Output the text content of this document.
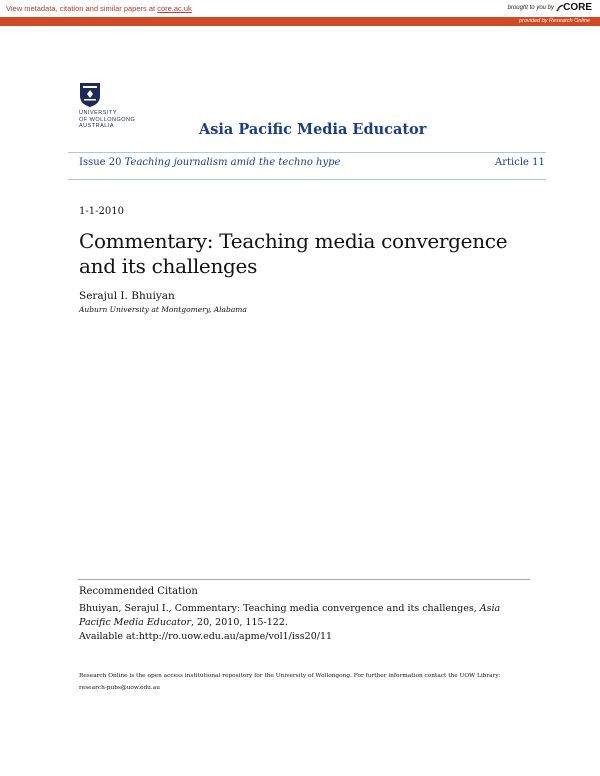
View metadata, citation and similar papers at core.ac.uk	brought to you by CORE
provided by Research Online
UNIVERSITY
OF WOLLONGONG
AUSTRALIA	Asia Pacific Media Educator
Issue 20 Teaching journalism amid the techno hype	Article 11
1-1-2010
Commentary: Teaching media convergence and its challenges
Serajul I. Bhuiyan
Auburn University at Montgomery, Alabama
Recommended Citation
Bhuiyan, Serajul I., Commentary: Teaching media convergence and its challenges, Asia Pacific Media Educator, 20, 2010, 115-122.
Available at:http://ro.uow.edu.au/apme/vol1/iss20/11
Research Online is the open access institutional repository for the University of Wollongong. For further information contact the UOW Library: research-pubs@uow.edu.au
